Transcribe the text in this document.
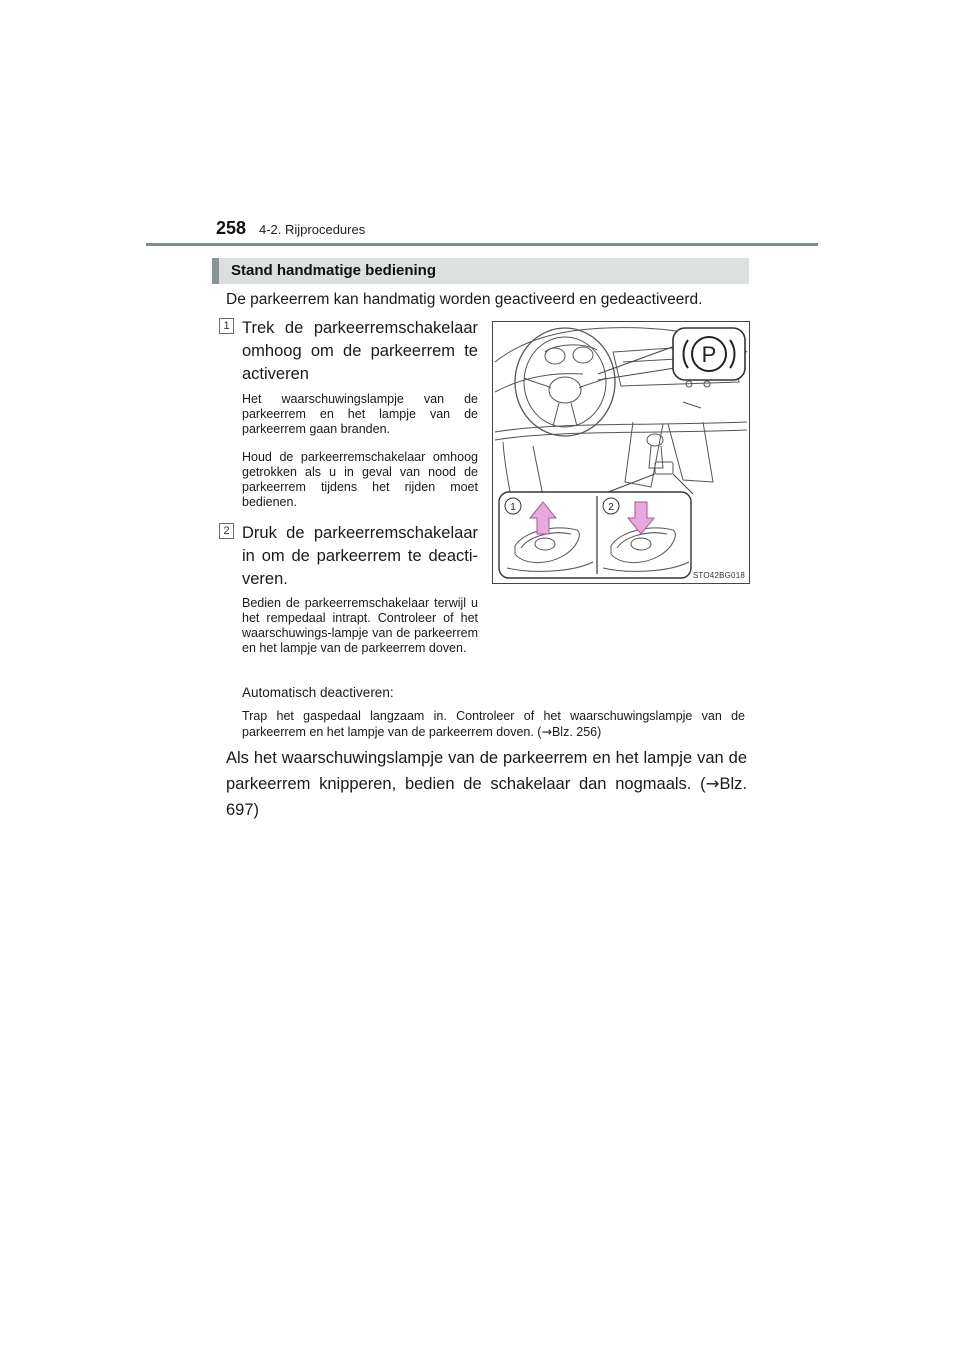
258 4-2. Rijprocedures
Stand handmatige bediening
De parkeerrem kan handmatig worden geactiveerd en gedeactiveerd.
1 Trek de parkeerremschakelaar omhoog om de parkeerrem te activeren
Het waarschuwingslampje van de parkeerrem en het lampje van de parkeerrem gaan branden.
Houd de parkeerremschakelaar omhoog getrokken als u in geval van nood de parkeerrem tijdens het rijden moet bedienen.
2 Druk de parkeerremschakelaar in om de parkeerrem te deacti-veren.
Bedien de parkeerremschakelaar terwijl u het rempedaal intrapt. Controleer of het waarschuwings-lampje van de parkeerrem en het lampje van de parkeerrem doven.
Automatisch deactiveren:
Trap het gaspedaal langzaam in. Controleer of het waarschuwingslampje van de parkeerrem en het lampje van de parkeerrem doven. (→Blz. 256)
Als het waarschuwingslampje van de parkeerrem en het lampje van de parkeerrem knipperen, bedien de schakelaar dan nogmaals. (→Blz. 697)
P
1	2
STO42BG018
